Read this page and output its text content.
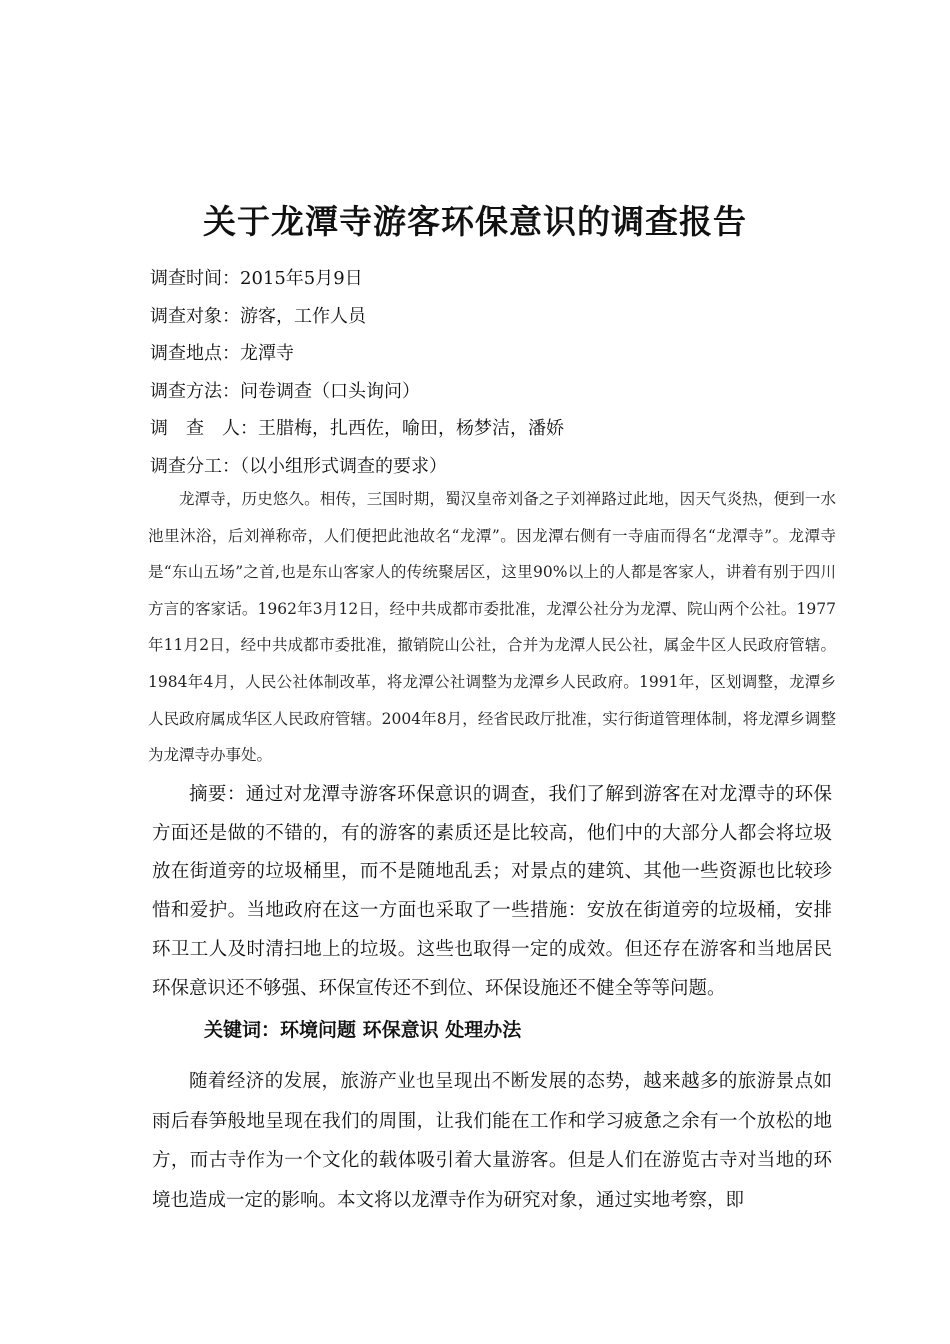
关于龙潭寺游客环保意识的调查报告
调查时间：2015年5月9日
调查对象：游客，工作人员
调查地点：龙潭寺
调查方法：问卷调查（口头询问）
调　查　人：王腊梅，扎西佐，喻田，杨梦洁，潘娇
调查分工：（以小组形式调查的要求）

龙潭寺，历史悠久。相传，三国时期，蜀汉皇帝刘备之子刘禅路过此地，因天气炎热，便到一水池里沐浴，后刘禅称帝，人们便把此池故名“龙潭”。因龙潭右侧有一寺庙而得名“龙潭寺”。龙潭寺是“东山五场”之首,也是东山客家人的传统聚居区，这里90%以上的人都是客家人，讲着有别于四川方言的客家话。1962年3月12日，经中共成都市委批准，龙潭公社分为龙潭、院山两个公社。1977年11月2日，经中共成都市委批准，撤销院山公社，合并为龙潭人民公社，属金牛区人民政府管辖。1984年4月，人民公社体制改革，将龙潭公社调整为龙潭乡人民政府。1991年，区划调整，龙潭乡人民政府属成华区人民政府管辖。2004年8月，经省民政厅批准，实行街道管理体制，将龙潭乡调整为龙潭寺办事处。

摘要：通过对龙潭寺游客环保意识的调查，我们了解到游客在对龙潭寺的环保方面还是做的不错的，有的游客的素质还是比较高，他们中的大部分人都会将垃圾放在街道旁的垃圾桶里，而不是随地乱丢；对景点的建筑、其他一些资源也比较珍惜和爱护。当地政府在这一方面也采取了一些措施：安放在街道旁的垃圾桶，安排环卫工人及时清扫地上的垃圾。这些也取得一定的成效。但还存在游客和当地居民环保意识还不够强、环保宣传还不到位、环保设施还不健全等等问题。

关键词：环境问题 环保意识 处理办法

随着经济的发展，旅游产业也呈现出不断发展的态势，越来越多的旅游景点如雨后春笋般地呈现在我们的周围，让我们能在工作和学习疲惫之余有一个放松的地方，而古寺作为一个文化的载体吸引着大量游客。但是人们在游览古寺对当地的环境也造成一定的影响。本文将以龙潭寺作为研究对象，通过实地考察，即
